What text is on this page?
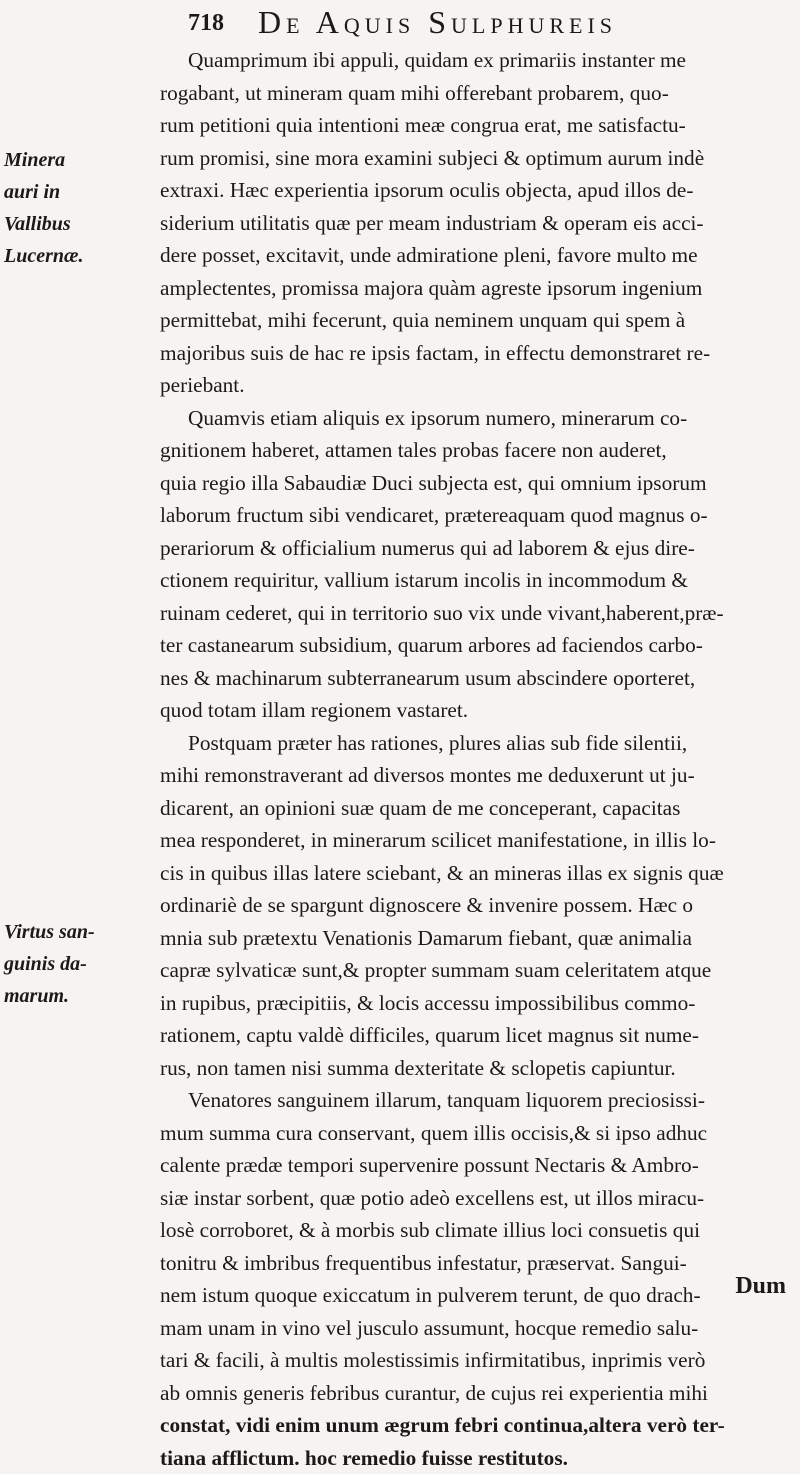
718 De Aquis Sulphureis
Minera
auri in
Vallibus
Lucernæ.
Virtus san-
guinis da-
marum.
Quamprimum ibi appuli, quidam ex primariis instanter me
rogabant, ut mineram quam mihi offerebant probarem, quo-
rum petitioni quia intentioni meæ congrua erat, me satisfactu-
rum promisi, sine mora examini subjeci & optimum aurum indè
extraxi. Hæc experientia ipsorum oculis objecta, apud illos de-
siderium utilitatis quæ per meam industriam & operam eis acci-
dere posset, excitavit, unde admiratione pleni, favore multo me
amplectentes, promissa majora quàm agreste ipsorum ingenium
permittebat, mihi fecerunt, quia neminem unquam qui spem à
majoribus suis de hac re ipsis factam, in effectu demonstraret re-
periebant.
Quamvis etiam aliquis ex ipsorum numero, minerarum co-
gnitionem haberet, attamen tales probas facere non auderet,
quia regio illa Sabaudiæ Duci subjecta est, qui omnium ipsorum
laborum fructum sibi vendicaret, prætereaquam quod magnus o-
perariorum & officialium numerus qui ad laborem & ejus dire-
ctionem requiritur, vallium istarum incolis in incommodum &
ruinam cederet, qui in territorio suo vix unde vivant,haberent,præ-
ter castanearum subsidium, quarum arbores ad faciendos carbo-
nes & machinarum subterranearum usum abscindere oporteret,
quod totam illam regionem vastaret.
Postquam præter has rationes, plures alias sub fide silentii,
mihi remonstraverant ad diversos montes me deduxerunt ut ju-
dicarent, an opinioni suæ quam de me conceperant, capacitas
mea responderet, in minerarum scilicet manifestatione, in illis lo-
cis in quibus illas latere sciebant, & an mineras illas ex signis quæ
ordinariè de se spargunt dignoscere & invenire possem. Hæc o
mnia sub prætextu Venationis Damarum fiebant, quæ animalia
capræ sylvaticæ sunt,& propter summam suam celeritatem atque
in rupibus, præcipitiis, & locis accessu impossibilibus commo-
rationem, captu valdè difficiles, quarum licet magnus sit nume-
rus, non tamen nisi summa dexteritate & sclopetis capiuntur.
Venatores sanguinem illarum, tanquam liquorem preciosissi-
mum summa cura conservant, quem illis occisis,& si ipso adhuc
calente prædæ tempori supervenire possunt Nectaris & Ambro-
siæ instar sorbent, quæ potio adeò excellens est, ut illos miracu-
losè corroboret, & à morbis sub climate illius loci consuetis qui
tonitru & imbribus frequentibus infestatur, præservat. Sangui-
nem istum quoque exiccatum in pulverem terunt, de quo drach-
mam unam in vino vel jusculo assumunt, hocque remedio salu-
tari & facili, à multis molestissimis infirmitatibus, inprimis verò
ab omnis generis febribus curantur, de cujus rei experientia mihi
constat, vidi enim unum ægrum febri continua,altera verò ter-
tiana afflictum. hoc remedio fuisse restitutos.
Dum
